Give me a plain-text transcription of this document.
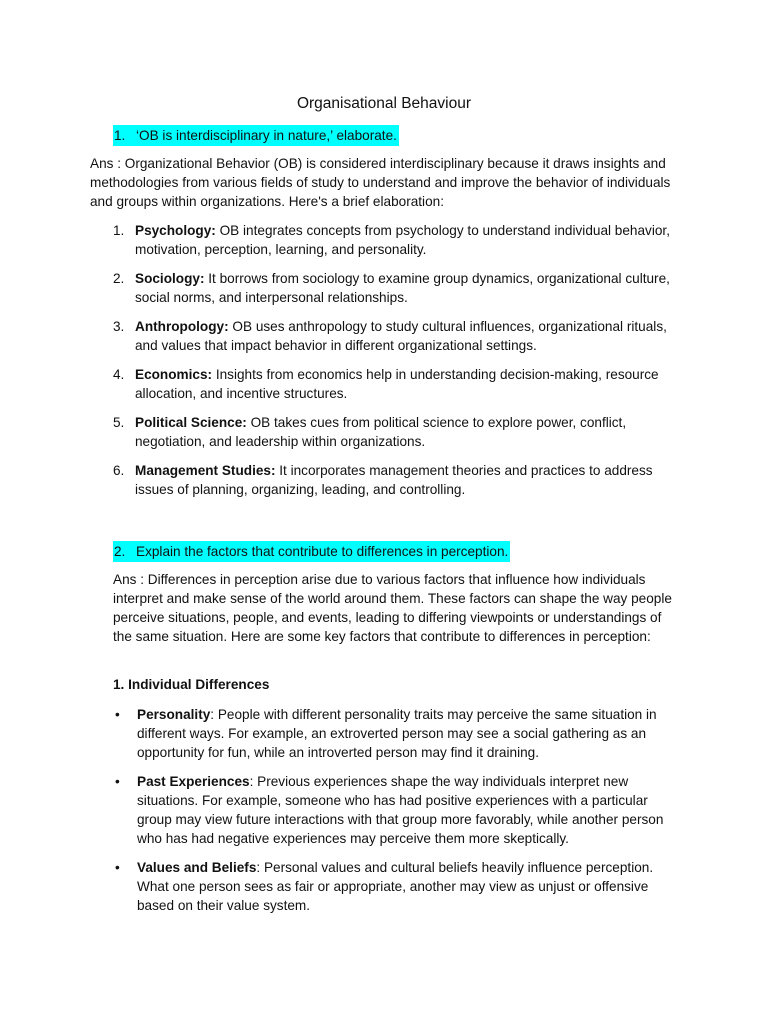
Organisational Behaviour
1. ‘OB is interdisciplinary in nature,’ elaborate.

Ans : Organizational Behavior (OB) is considered interdisciplinary because it draws insights and methodologies from various fields of study to understand and improve the behavior of individuals and groups within organizations. Here's a brief elaboration:

1. Psychology: OB integrates concepts from psychology to understand individual behavior, motivation, perception, learning, and personality.
2. Sociology: It borrows from sociology to examine group dynamics, organizational culture, social norms, and interpersonal relationships.
3. Anthropology: OB uses anthropology to study cultural influences, organizational rituals, and values that impact behavior in different organizational settings.
4. Economics: Insights from economics help in understanding decision-making, resource allocation, and incentive structures.
5. Political Science: OB takes cues from political science to explore power, conflict, negotiation, and leadership within organizations.
6. Management Studies: It incorporates management theories and practices to address issues of planning, organizing, leading, and controlling.
2. Explain the factors that contribute to differences in perception.

Ans : Differences in perception arise due to various factors that influence how individuals interpret and make sense of the world around them. These factors can shape the way people perceive situations, people, and events, leading to differing viewpoints or understandings of the same situation. Here are some key factors that contribute to differences in perception:

1. Individual Differences

•	Personality: People with different personality traits may perceive the same situation in different ways. For example, an extroverted person may see a social gathering as an opportunity for fun, while an introverted person may find it draining.
•	Past Experiences: Previous experiences shape the way individuals interpret new situations. For example, someone who has had positive experiences with a particular group may view future interactions with that group more favorably, while another person who has had negative experiences may perceive them more skeptically.
•	Values and Beliefs: Personal values and cultural beliefs heavily influence perception. What one person sees as fair or appropriate, another may view as unjust or offensive based on their value system.
